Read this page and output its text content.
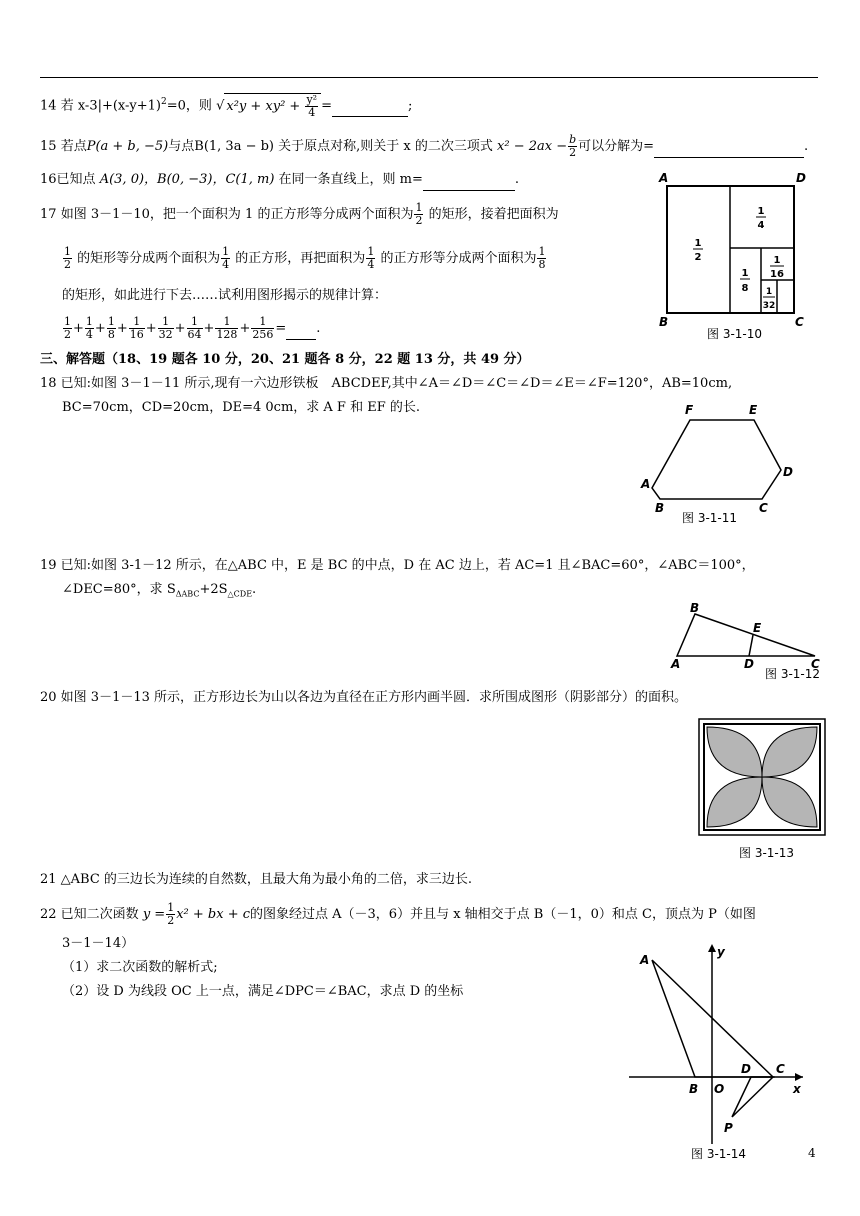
14 若 $x-3|+(x-y+1)^2=0$，则 √ $x^2y + xy^2 + \frac{\text{y²}}{4}$ =	;
15 若点P(a + b, −5)与点B(1, 3a − b) 关于原点对称,则关于 x 的二次三项式 $x^2 - 2ax - \frac{b}{2}$ 可以分解为=	.
16已知点 A(3, 0)，B(0, −3)，C(1, m) 在同一条直线上，则 m=	.
17 如图 3－1－10，把一个面积为 1 的正方形等分成两个面积为 $\frac{1}{2}$ 的矩形，接着把面积为
$\frac{1}{2}$ 的矩形等分成两个面积为 $\frac{1}{4}$ 的正方形，再把面积为 $\frac{1}{4}$ 的正方形等分成两个面积为 $\frac{1}{8}$
的矩形，如此进行下去……试利用图形揭示的规律计算：
$\frac{1}{2} + \frac{1}{4} + \frac{1}{8} + \frac{1}{16} + \frac{1}{32} + \frac{1}{64} + \frac{1}{128} + \frac{1}{256}$ = .
A	D
B	C
1
2
1
4
1
8
1
16
1
32
图 3-1-10
三、解答题（18、19 题各 10 分，20、21 题各 8 分，22 题 13 分，共 49 分）
18 已知:如图 3－1－11 所示,现有一六边形铁板　ABCDEF,其中∠A＝∠D＝∠C＝∠D＝∠E＝∠F=120°，AB=10cm,
BC=70cm，CD=20cm，DE=4 0cm，求 A F 和 EF 的长.	F	E
D
C
B
A
图 3-1-11
19 已知:如图 3-1－12 所示，在△ABC 中，E 是 BC 的中点，D 在 AC 边上，若 AC=1 且∠BAC=60°，∠ABC＝100°，
∠DEC=80°，求 $S_{\Delta ABC}+2S_{\triangle CDE}$.
B
E
A	D	C
图 3-1-12
20 如图 3－1－13 所示，正方形边长为山以各边为直径在正方形内画半圆．求所围成图形（阴影部分）的面积。
图 3-1-13
21 △ABC 的三边长为连续的自然数，且最大角为最小角的二倍，求三边长.
22 已知二次函数 $y = \frac{1}{2} x^2$ + bx + c的图象经过点 A（－3，6）并且与 x 轴相交于点 B（－1，0）和点 C，顶点为 P（如图
3－1－14）
（1）求二次函数的解析式;
（2）设 D 为线段 OC 上一点，满足∠DPC＝∠BAC，求点 D 的坐标
A
y
B O
D C
x
P
图 3-1-14	4
